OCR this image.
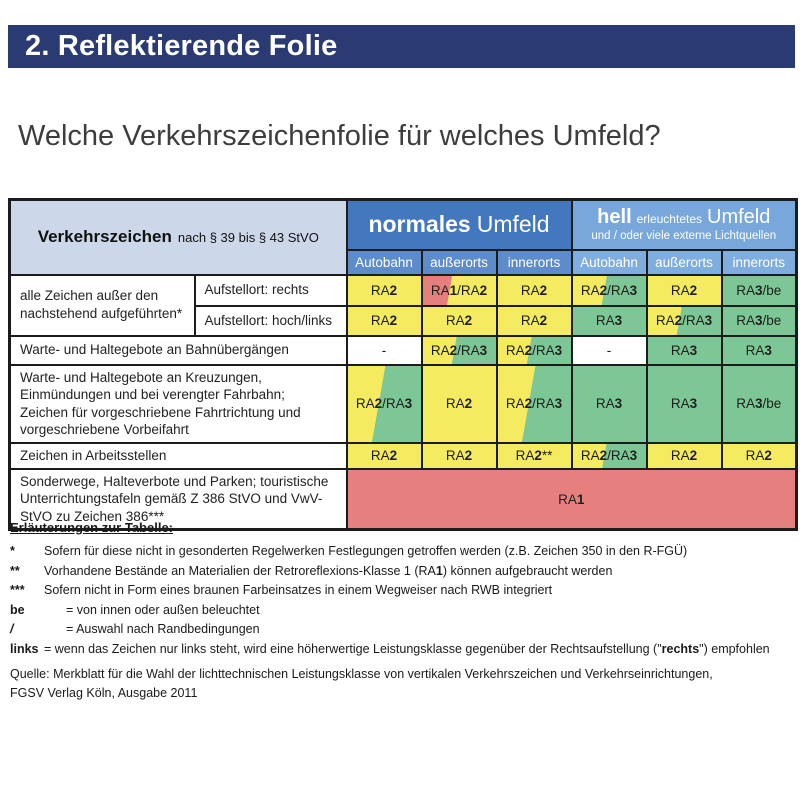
2. Reflektierende Folie
Welche Verkehrszeichenfolie für welches Umfeld?
Verkehrszeichen nach § 39 bis § 43 StVO		normales Umfeld			hell erleuchtetes Umfeld
und / oder viele externe Lichtquellen		

		Autobahn	außerorts	innerorts	Autobahn	außerorts	innerorts
alle Zeichen außer den nachstehend aufgeführten*	Aufstellort: rechts	RA2	RA1/RA2	RA2	RA2/RA3	RA2	RA3/be
	Aufstellort: hoch/links	RA2	RA2	RA2	RA3	RA2/RA3	RA3/be
Warte- und Haltegebote an Bahnübergängen		-	RA2/RA3	RA2/RA3	-	RA3	RA3
Warte- und Haltegebote an Kreuzungen, Einmündungen und bei verengter Fahrbahn; Zeichen für vorgeschriebene Fahrtrichtung und vorgeschriebene Vorbeifahrt		RA2/RA3	RA2	RA2/RA3	RA3	RA3	RA3/be
Zeichen in Arbeitsstellen		RA2	RA2	RA2**	RA2/RA3	RA2	RA2
Sonderwege, Halteverbote und Parken; touristische Unterrichtungstafeln gemäß Z 386 StVO und VwV-StVO zu Zeichen 386***		RA1					
Erläuterungen zur Tabelle:
*	Sofern für diese nicht in gesonderten Regelwerken Festlegungen getroffen werden (z.B. Zeichen 350 in den R-FGÜ)
**	Vorhandene Bestände an Materialien der Retroreflexions-Klasse 1 (RA1) können aufgebraucht werden
***	Sofern nicht in Form eines braunen Farbeinsatzes in einem Wegweiser nach RWB integriert
be	= von innen oder außen beleuchtet
/	= Auswahl nach Randbedingungen
links = wenn das Zeichen nur links steht, wird eine höherwertige Leistungsklasse gegenüber der Rechtsaufstellung ("rechts") empfohlen

Quelle: Merkblatt für die Wahl der lichttechnischen Leistungsklasse von vertikalen Verkehrszeichen und Verkehrseinrichtungen,
FGSV Verlag Köln, Ausgabe 2011
